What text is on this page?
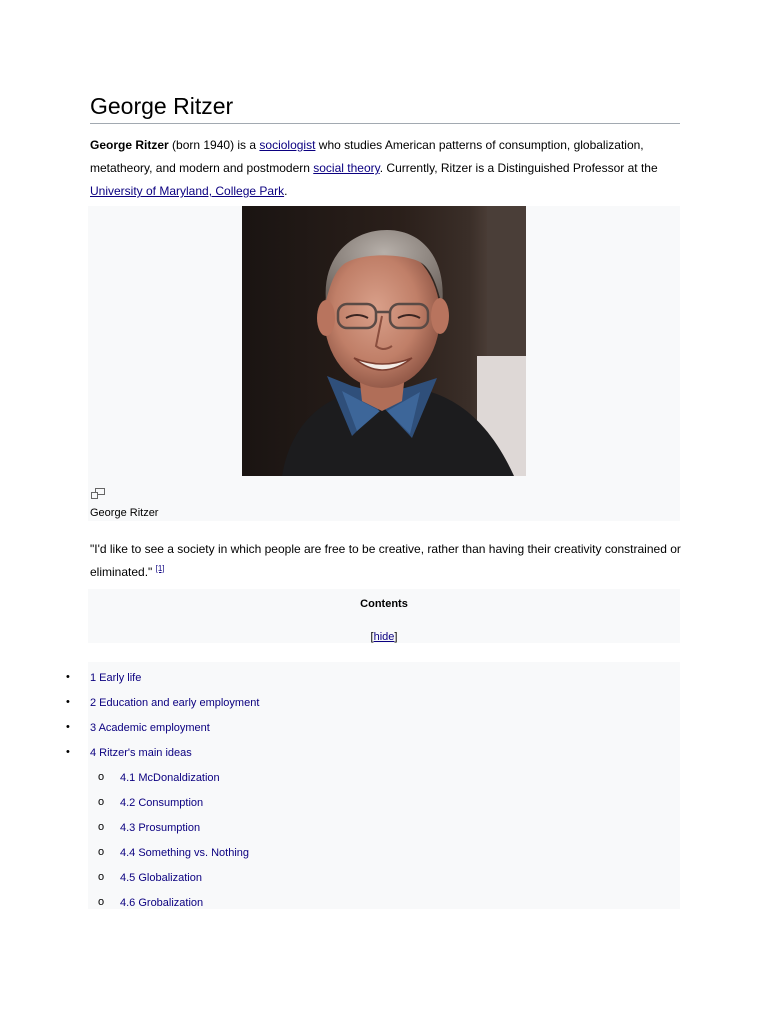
George Ritzer

George Ritzer (born 1940) is a sociologist who studies American patterns of consumption, globalization, metatheory, and modern and postmodern social theory. Currently, Ritzer is a Distinguished Professor at the University of Maryland, College Park.

George Ritzer

"I'd like to see a society in which people are free to be creative, rather than having their creativity constrained or eliminated." [1]

Contents
[hide]
• 1 Early life
• 2 Education and early employment
• 3 Academic employment
• 4 Ritzer's main ideas
o 4.1 McDonaldization
o 4.2 Consumption
o 4.3 Prosumption
o 4.4 Something vs. Nothing
o 4.5 Globalization
o 4.6 Grobalization
